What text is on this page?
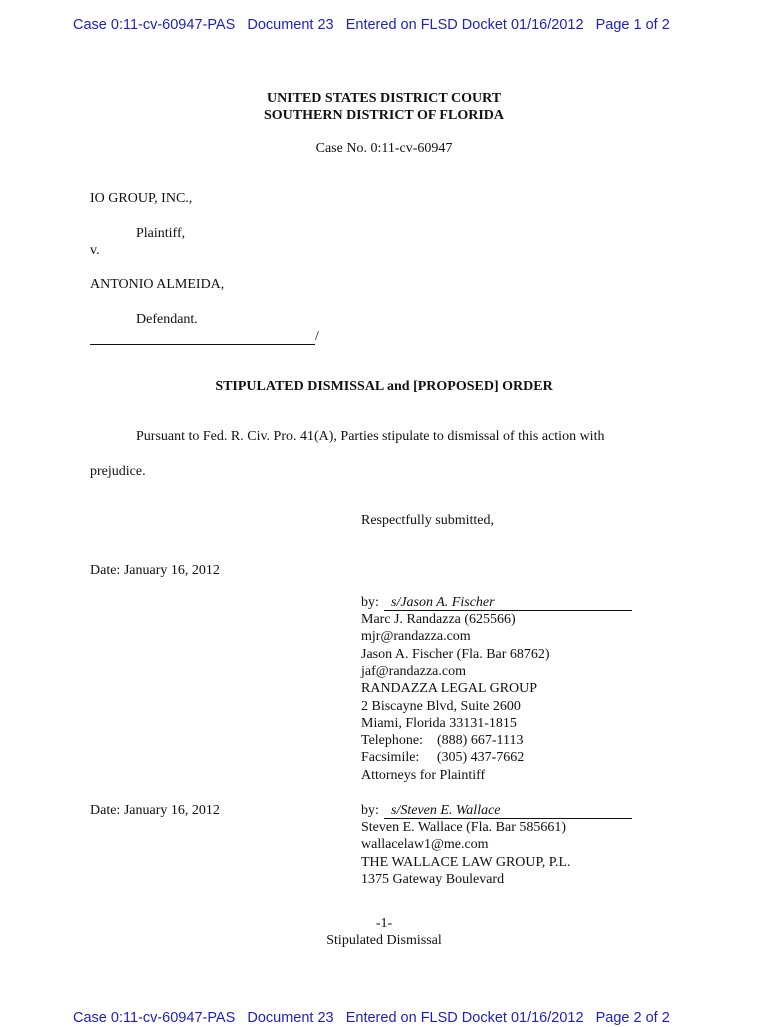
Case 0:11-cv-60947-PAS Document 23 Entered on FLSD Docket 01/16/2012 Page 1 of 2
UNITED STATES DISTRICT COURT
SOUTHERN DISTRICT OF FLORIDA
Case No. 0:11-cv-60947
IO GROUP, INC.,
Plaintiff,
v.
ANTONIO ALMEIDA,
Defendant.
/
STIPULATED DISMISSAL and [PROPOSED] ORDER
Pursuant to Fed. R. Civ. Pro. 41(A), Parties stipulate to dismissal of this action with
prejudice.
Respectfully submitted,
Date: January 16, 2012
by: s/Jason A. Fischer
Marc J. Randazza (625566)
mjr@randazza.com
Jason A. Fischer (Fla. Bar 68762)
jaf@randazza.com
RANDAZZA LEGAL GROUP
2 Biscayne Blvd, Suite 2600
Miami, Florida 33131-1815
Telephone:    (888) 667-1113
Facsimile:     (305) 437-7662
Attorneys for Plaintiff
Date: January 16, 2012	by: s/Steven E. Wallace
Steven E. Wallace (Fla. Bar 585661)
wallacelaw1@me.com
THE WALLACE LAW GROUP, P.L.
1375 Gateway Boulevard
-1-
Stipulated Dismissal
Case 0:11-cv-60947-PAS Document 23 Entered on FLSD Docket 01/16/2012 Page 2 of 2
